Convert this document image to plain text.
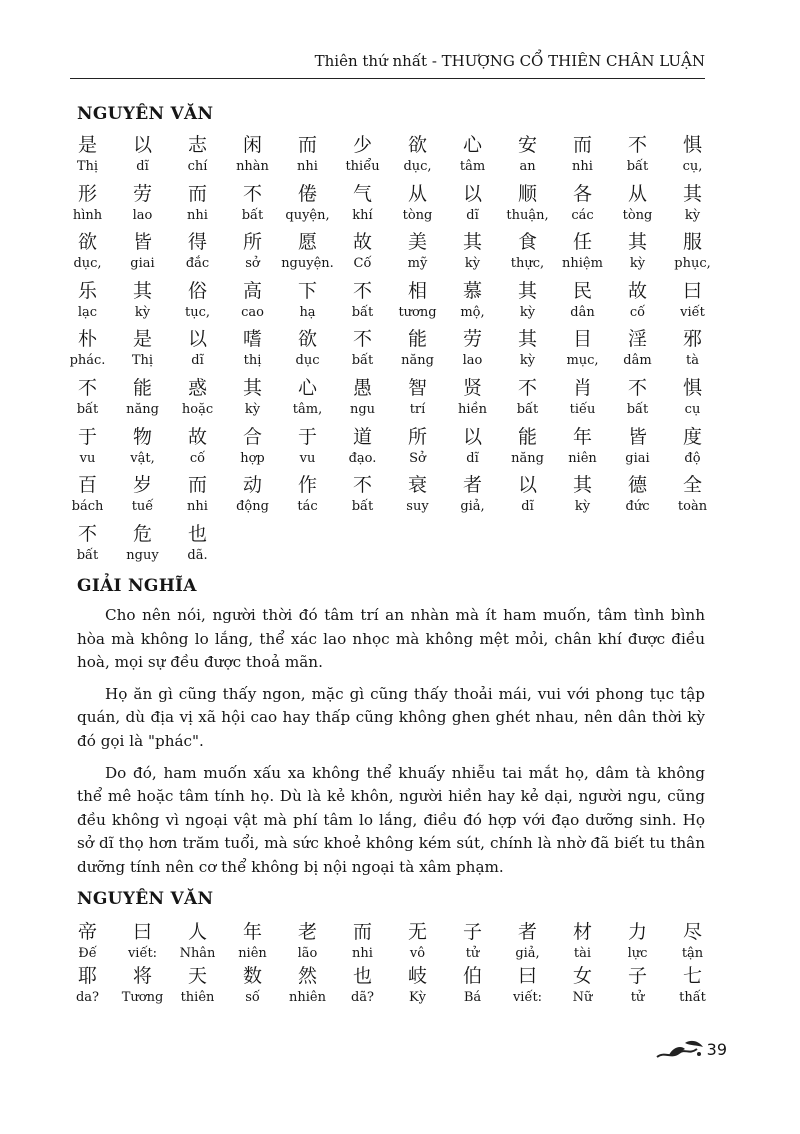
Thiên thứ nhất - THƯỢNG CỔ THIÊN CHÂN LUẬN
NGUYÊN VĂN
是
Thị
以
dĩ
志
chí
闲
nhàn
而
nhi
少
thiểu
欲
dục,
心
tâm
安
an
而
nhi
不
bất
惧
cụ,
形
hình
劳
lao
而
nhi
不
bất
倦
quyện,
气
khí
从
tòng
以
dĩ
顺
thuận,
各
các
从
tòng
其
kỳ
欲
dục,
皆
giai
得
đắc
所
sở
愿
nguyện.
故
Cố
美
mỹ
其
kỳ
食
thực,
任
nhiệm
其
kỳ
服
phục,
乐
lạc
其
kỳ
俗
tục,
高
cao
下
hạ
不
bất
相
tương
慕
mộ,
其
kỳ
民
dân
故
cố
曰
viết
朴
phác.
是
Thị
以
dĩ
嗜
thị
欲
dục
不
bất
能
năng
劳
lao
其
kỳ
目
mục,
淫
dâm
邪
tà
不
bất
能
năng
惑
hoặc
其
kỳ
心
tâm,
愚
ngu
智
trí
贤
hiền
不
bất
肖
tiếu
不
bất
惧
cụ
于
vu
物
vật,
故
cố
合
hợp
于
vu
道
đạo.
所
Sở
以
dĩ
能
năng
年
niên
皆
giai
度
độ
百
bách
岁
tuế
而
nhi
动
động
作
tác
不
bất
衰
suy
者
giả,
以
dĩ
其
kỳ
德
đức
全
toàn
不
bất
危
nguy
也
dã.
GIẢI NGHĨA

Cho nên nói, người thời đó tâm trí an nhàn mà ít ham muốn, tâm tình bình hòa mà không lo lắng, thể xác lao nhọc mà không mệt mỏi, chân khí được điều hoà, mọi sự đều được thoả mãn.

Họ ăn gì cũng thấy ngon, mặc gì cũng thấy thoải mái, vui với phong tục tập quán, dù địa vị xã hội cao hay thấp cũng không ghen ghét nhau, nên dân thời kỳ đó gọi là "phác".

Do đó, ham muốn xấu xa không thể khuấy nhiễu tai mắt họ, dâm tà không thể mê hoặc tâm tính họ. Dù là kẻ khôn, người hiền hay kẻ dại, người ngu, cũng đều không vì ngoại vật mà phí tâm lo lắng, điều đó hợp với đạo dưỡng sinh. Họ sở dĩ thọ hơn trăm tuổi, mà sức khoẻ không kém sút, chính là nhờ đã biết tu thân dưỡng tính nên cơ thể không bị nội ngoại tà xâm phạm.

NGUYÊN VĂN
帝
Đế
曰
viết:
人
Nhân
年
niên
老
lão
而
nhi
无
vô
子
tử
者
giả,
材
tài
力
lực
尽
tận
耶
da?
将
Tương
天
thiên
数
số
然
nhiên
也
dã?
岐
Kỳ
伯
Bá
曰
viết:
女
Nữ
子
tử
七
thất
39
